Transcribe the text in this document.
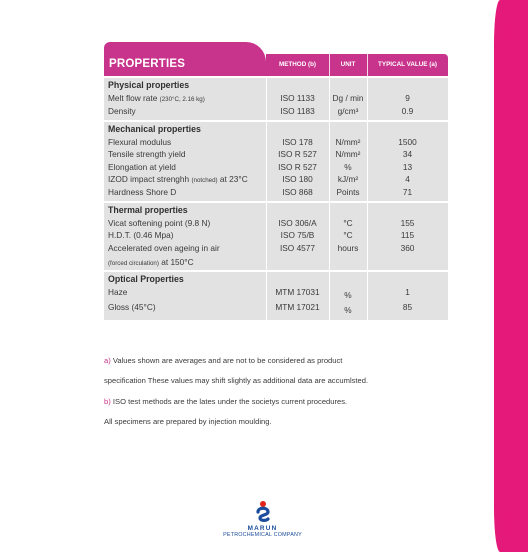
PROPERTIES	METHOD (b)	UNIT	TYPICAL VALUE (a)
Physical properties
Melt flow rate (230°C, 2.16 kg)	ISO 1133	Dg / min	9
Density	ISO 1183	g/cm³	0.9
Mechanical properties
Flexural modulus	ISO 178	N/mm²	1500
Tensile strength yield	ISO R 527	N/mm²	34
Elongation at yield	ISO R 527	%	13
IZOD impact strenghh (notched) at 23°C	ISO 180	kJ/m²	4
Hardness Shore D	ISO 868	Points	71
Thermal properties
Vicat softening point (9.8 N)	ISO 306/A	°C	155
H.D.T. (0.46 Mpa)	ISO 75/B	°C	115
Accelerated oven ageing in air	ISO 4577	hours	360
(forced circulation) at 150°C
Optical Properties
Haze	MTM 17031	%	1
Gloss (45°C)	MTM 17021	%	85

a) Values shown are averages and are not to be considered as product

specification These values may shift slightly as additional data are accumlsted.

b) ISO test methods are the lates under the societys current procedures.

All specimens are prepared by injection moulding.

MARUN
PETROCHEMICAL COMPANY
